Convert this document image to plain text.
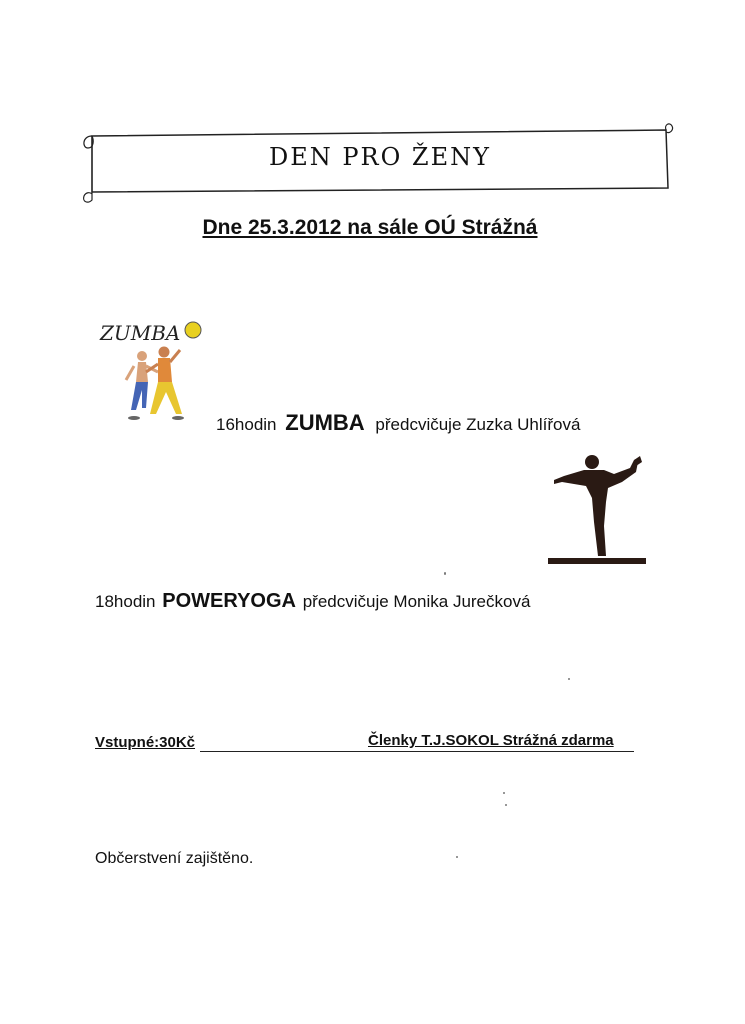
DEN PRO ŽENY
Dne 25.3.2012 na sále OÚ Strážná
ZUMBA
16hodin ZUMBA předcvičuje Zuzka Uhlířová
18hodin POWERYOGA předcvičuje Monika Jurečková
Vstupné:30Kč	Členky T.J.SOKOL Strážná zdarma
Občerstvení zajištěno.
